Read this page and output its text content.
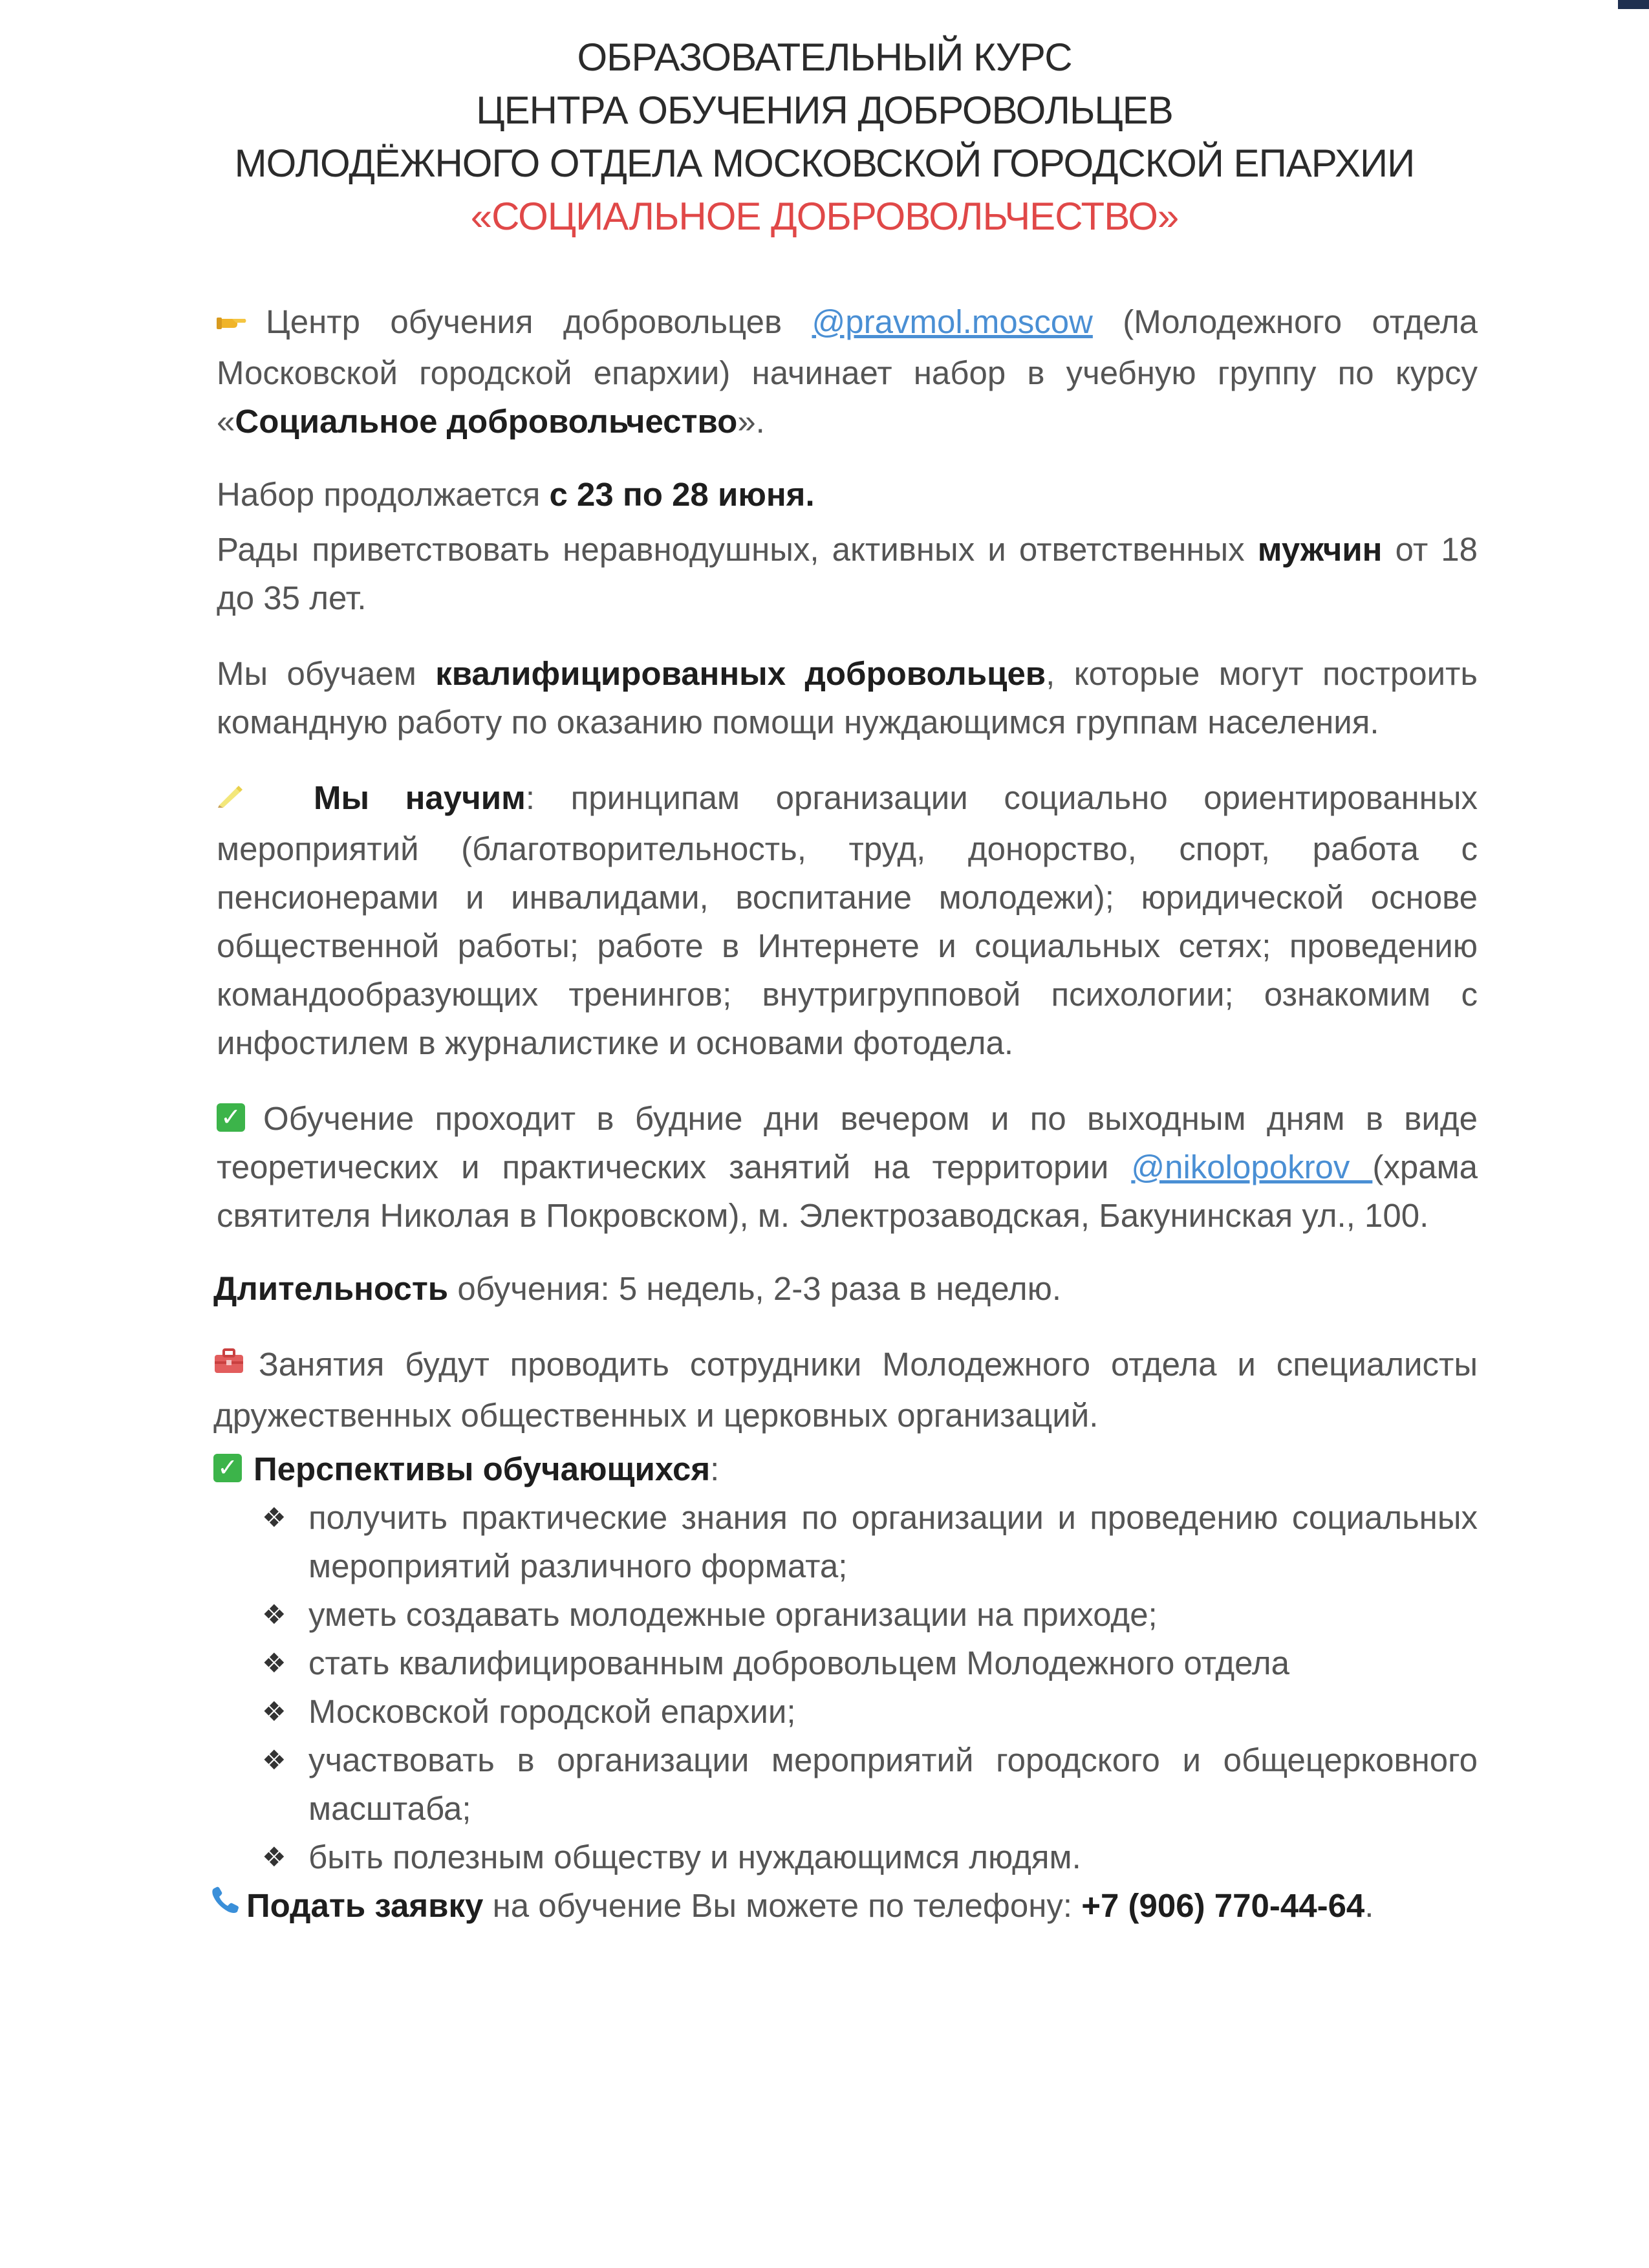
ОБРАЗОВАТЕЛЬНЫЙ КУРС
ЦЕНТРА ОБУЧЕНИЯ ДОБРОВОЛЬЦЕВ
МОЛОДЁЖНОГО ОТДЕЛА МОСКОВСКОЙ ГОРОДСКОЙ ЕПАРХИИ
«СОЦИАЛЬНОЕ ДОБРОВОЛЬЧЕСТВО»

Центр обучения добровольцев @pravmol.moscow (Молодежного отдела Московской городской епархии) начинает набор в учебную группу по курсу «Социальное добровольчество».

Набор продолжается с 23 по 28 июня.

Рады приветствовать неравнодушных, активных и ответственных мужчин от 18 до 35 лет.

Мы обучаем квалифицированных добровольцев, которые могут построить командную работу по оказанию помощи нуждающимся группам населения.

Мы научим: принципам организации социально ориентированных мероприятий (благотворительность, труд, донорство, спорт, работа с пенсионерами и инвалидами, воспитание молодежи); юридической основе общественной работы; работе в Интернете и социальных сетях; проведению командообразующих тренингов; внутригрупповой психологии; ознакомим с инфостилем в журналистике и основами фотодела.

✓ Обучение проходит в будние дни вечером и по выходным дням в виде теоретических и практических занятий на территории @nikolopokrov (храма святителя Николая в Покровском), м. Электрозаводская, Бакунинская ул., 100.

Длительность обучения: 5 недель, 2-3 раза в неделю.

Занятия будут проводить сотрудники Молодежного отдела и специалисты дружественных общественных и церковных организаций.

✓ Перспективы обучающихся:

❖ получить практические знания по организации и проведению социальных мероприятий различного формата;
❖ уметь создавать молодежные организации на приходе;
❖ стать квалифицированным добровольцем Молодежного отдела
❖ Московской городской епархии;
❖ участвовать в организации мероприятий городского и общецерковного масштаба;
❖ быть полезным обществу и нуждающимся людям.

Подать заявку на обучение Вы можете по телефону: +7 (906) 770-44-64.
